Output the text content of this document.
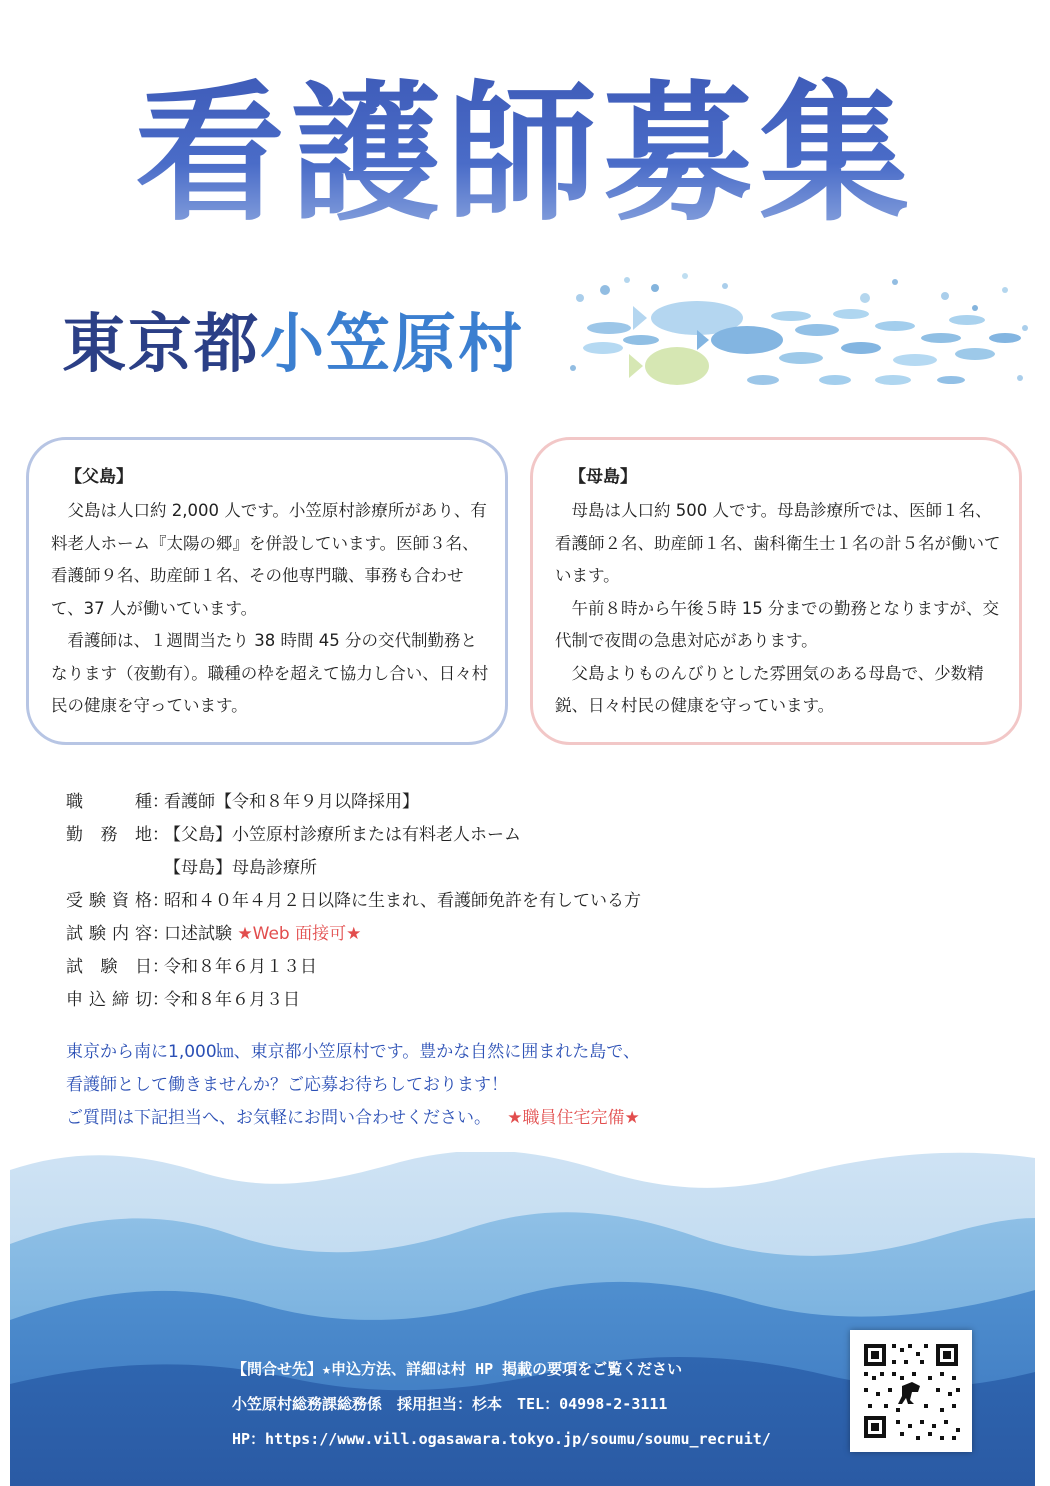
看護師募集
東京都小笠原村
【父島】

父島は人口約 2,000 人です。小笠原村診療所があり、有料老人ホーム『太陽の郷』を併設しています。医師３名、看護師９名、助産師１名、その他専門職、事務も合わせて、37 人が働いています。

看護師は、１週間当たり 38 時間 45 分の交代制勤務となります（夜勤有）。職種の枠を超えて協力し合い、日々村民の健康を守っています。

【母島】

母島は人口約 500 人です。母島診療所では、医師１名、看護師２名、助産師１名、歯科衛生士１名の計５名が働いています。

午前８時から午後５時 15 分までの勤務となりますが、交代制で夜間の急患対応があります。

父島よりものんびりとした雰囲気のある母島で、少数精鋭、日々村民の健康を守っています。

職種 ：
看護師【令和８年９月以降採用】
勤務地 ：
【父島】小笠原村診療所または有料老人ホーム
【母島】母島診療所
受験資格 ：
昭和４０年４月２日以降に生まれ、看護師免許を有している方
試験内容 ：
口述試験
★Web 面接可★
試験日 ：
令和８年６月１３日
申込締切 ：
令和８年６月３日
東京から南に1,000㎞、東京都小笠原村です。豊かな自然に囲まれた島で、
看護師として働きませんか？ご応募お待ちしております！
ご質問は下記担当へ、お気軽にお問い合わせください。 ★職員住宅完備★
【問合せ先】★申込方法、詳細は村 HP 掲載の要項をご覧ください
小笠原村総務課総務係　採用担当：杉本　TEL：04998-2-3111
HP：https://www.vill.ogasawara.tokyo.jp/soumu/soumu_recruit/
